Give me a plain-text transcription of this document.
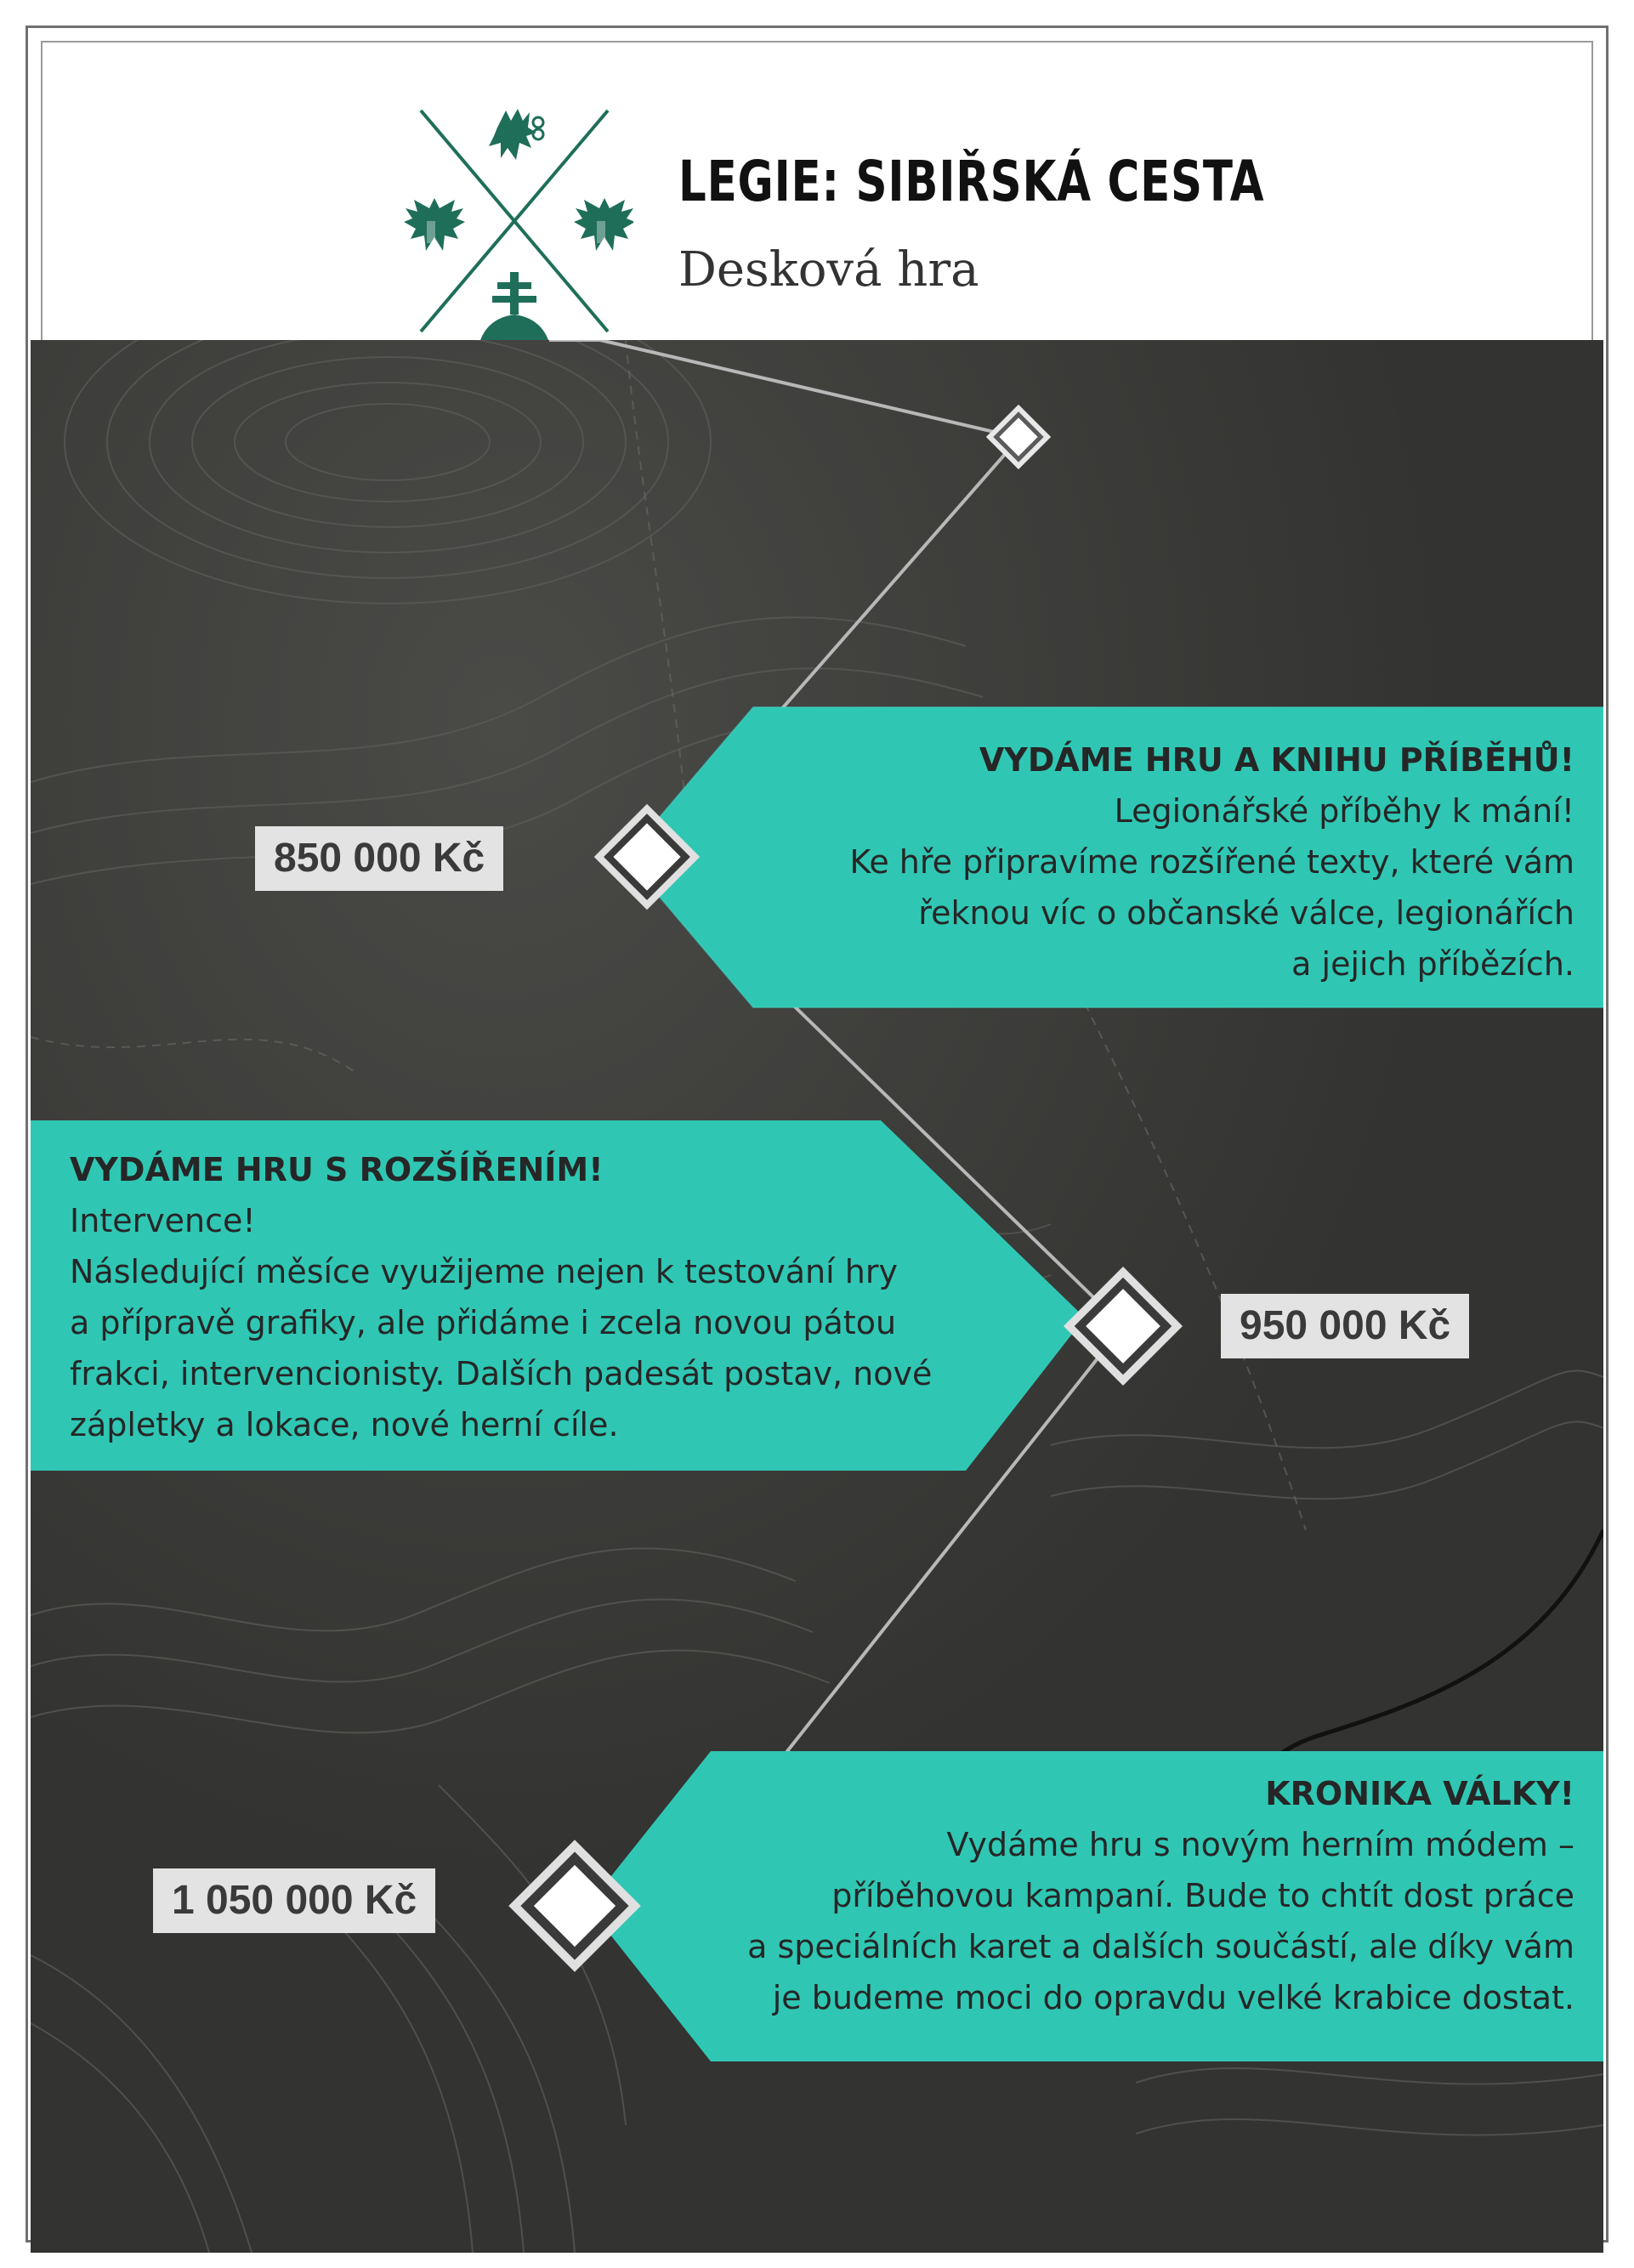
LEGIE: SIBIŘSKÁ CESTA
Desková hra
850 000 Kč
VYDÁME HRU A KNIHU PŘÍBĚHŮ!
Legionářské příběhy k mání!
Ke hře připravíme rozšířené texty, které vám
řeknou víc o občanské válce, legionářích
a jejich příbězích.
VYDÁME HRU S ROZŠÍŘENÍM!
Intervence!
Následující měsíce využijeme nejen k testování hry
a přípravě grafiky, ale přidáme i zcela novou pátou
frakci, intervencionisty. Dalších padesát postav, nové
zápletky a lokace, nové herní cíle.
950 000 Kč
1 050 000 Kč
KRONIKA VÁLKY!
Vydáme hru s novým herním módem –
příběhovou kampaní. Bude to chtít dost práce
a speciálních karet a dalších součástí, ale díky vám
je budeme moci do opravdu velké krabice dostat.
